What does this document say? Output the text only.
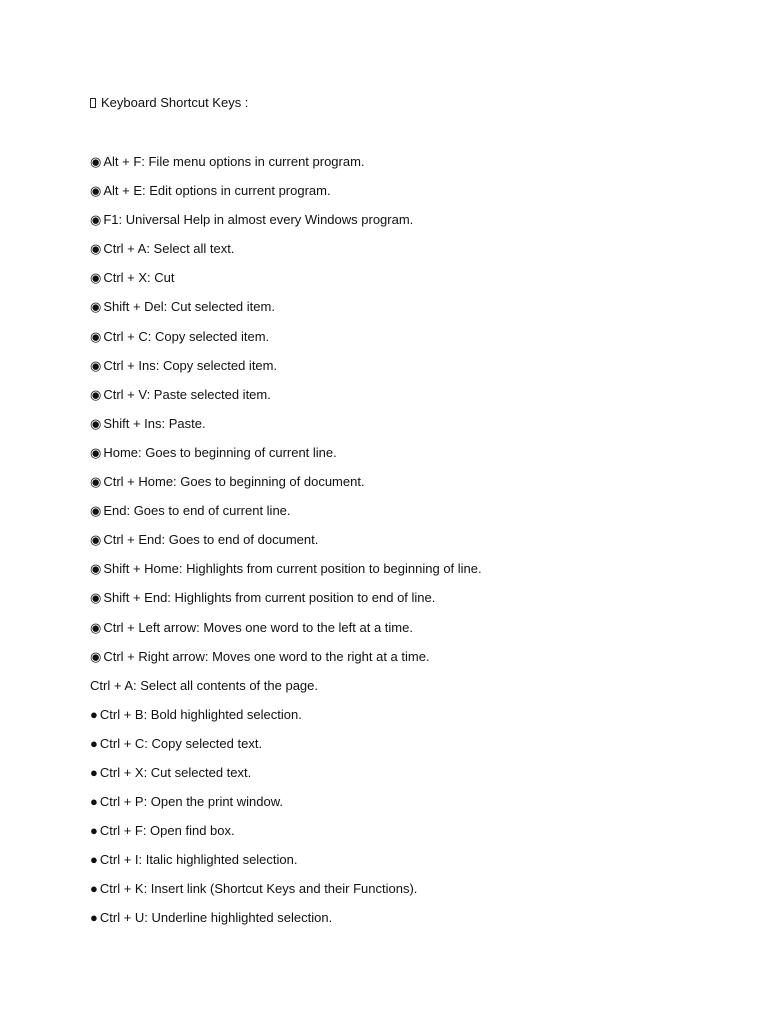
Keyboard Shortcut Keys :
◉ Alt + F: File menu options in current program.
◉ Alt + E: Edit options in current program.
◉ F1: Universal Help in almost every Windows program.
◉ Ctrl + A: Select all text.
◉ Ctrl + X: Cut
◉ Shift + Del: Cut selected item.
◉ Ctrl + C: Copy selected item.
◉ Ctrl + Ins: Copy selected item.
◉ Ctrl + V: Paste selected item.
◉ Shift + Ins: Paste.
◉ Home: Goes to beginning of current line.
◉ Ctrl + Home: Goes to beginning of document.
◉ End: Goes to end of current line.
◉ Ctrl + End: Goes to end of document.
◉ Shift + Home: Highlights from current position to beginning of line.
◉ Shift + End: Highlights from current position to end of line.
◉ Ctrl + Left arrow: Moves one word to the left at a time.
◉ Ctrl + Right arrow: Moves one word to the right at a time.
Ctrl + A: Select all contents of the page.
● Ctrl + B: Bold highlighted selection.
● Ctrl + C: Copy selected text.
● Ctrl + X: Cut selected text.
● Ctrl + P: Open the print window.
● Ctrl + F: Open find box.
● Ctrl + I: Italic highlighted selection.
● Ctrl + K: Insert link (Shortcut Keys and their Functions).
● Ctrl + U: Underline highlighted selection.
